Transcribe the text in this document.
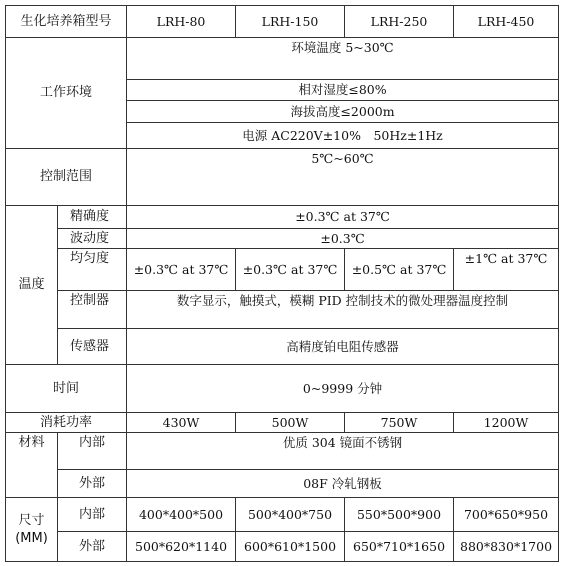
生化培养箱型号		LRH-80	LRH-150	LRH-250	LRH-450
工作环境		环境温度 5~30℃			
		相对湿度≤80%			
		海拔高度≤2000m			
		电源 AC220V±10%　50Hz±1Hz			
控制范围		5℃~60℃			
温度	精确度	±0.3℃ at 37℃			
	波动度	±0.3℃			
	均匀度	±0.3℃ at 37℃	±0.3℃ at 37℃	±0.5℃ at 37℃	±1℃ at 37℃
	控制器	数字显示，触摸式，模糊 PID 控制技术的微处理器温度控制			
	传感器	高精度铂电阻传感器			
时间		0~9999 分钟			
消耗功率		430W	500W	750W	1200W
材料	内部	优质 304 镜面不锈钢			
	外部	08F 冷轧钢板			

尺寸
(MM)	内部	400*400*500	500*400*750	550*500*900	700*650*950
	外部	500*620*1140	600*610*1500	650*710*1650	880*830*1700
